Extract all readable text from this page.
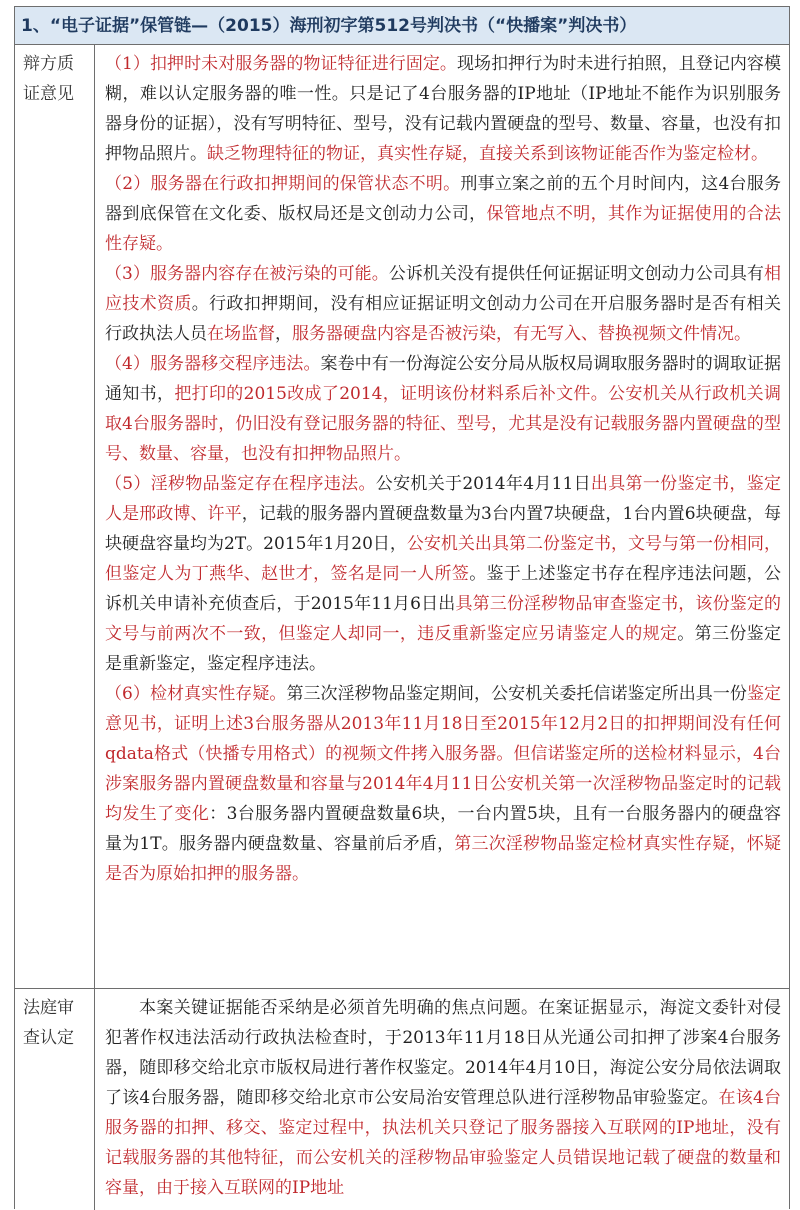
1、“电子证据”保管链—（2015）海刑初字第512号判决书（“快播案”判决书）
辩方质证意见

（1）扣押时未对服务器的物证特征进行固定。现场扣押行为时未进行拍照，且登记内容模糊，难以认定服务器的唯一性。只是记了4台服务器的IP地址（IP地址不能作为识别服务器身份的证据），没有写明特征、型号，没有记载内置硬盘的型号、数量、容量，也没有扣押物品照片。缺乏物理特征的物证，真实性存疑，直接关系到该物证能否作为鉴定检材。

（2）服务器在行政扣押期间的保管状态不明。刑事立案之前的五个月时间内，这4台服务器到底保管在文化委、版权局还是文创动力公司，保管地点不明，其作为证据使用的合法性存疑。

（3）服务器内容存在被污染的可能。公诉机关没有提供任何证据证明文创动力公司具有相应技术资质。行政扣押期间，没有相应证据证明文创动力公司在开启服务器时是否有相关行政执法人员在场监督，服务器硬盘内容是否被污染，有无写入、替换视频文件情况。

（4）服务器移交程序违法。案卷中有一份海淀公安分局从版权局调取服务器时的调取证据通知书，把打印的2015改成了2014，证明该份材料系后补文件。公安机关从行政机关调取4台服务器时，仍旧没有登记服务器的特征、型号，尤其是没有记载服务器内置硬盘的型号、数量、容量，也没有扣押物品照片。

（5）淫秽物品鉴定存在程序违法。公安机关于2014年4月11日出具第一份鉴定书，鉴定人是邢政博、许平，记载的服务器内置硬盘数量为3台内置7块硬盘，1台内置6块硬盘，每块硬盘容量均为2T。2015年1月20日，公安机关出具第二份鉴定书，文号与第一份相同，但鉴定人为丁燕华、赵世才，签名是同一人所签。鉴于上述鉴定书存在程序违法问题，公诉机关申请补充侦查后，于2015年11月6日出具第三份淫秽物品审查鉴定书，该份鉴定的文号与前两次不一致，但鉴定人却同一，违反重新鉴定应另请鉴定人的规定。第三份鉴定是重新鉴定，鉴定程序违法。

（6）检材真实性存疑。第三次淫秽物品鉴定期间，公安机关委托信诺鉴定所出具一份鉴定意见书，证明上述3台服务器从2013年11月18日至2015年12月2日的扣押期间没有任何qdata格式（快播专用格式）的视频文件拷入服务器。但信诺鉴定所的送检材料显示，4台涉案服务器内置硬盘数量和容量与2014年4月11日公安机关第一次淫秽物品鉴定时的记载均发生了变化：3台服务器内置硬盘数量6块，一台内置5块，且有一台服务器内的硬盘容量为1T。服务器内硬盘数量、容量前后矛盾，第三次淫秽物品鉴定检材真实性存疑，怀疑是否为原始扣押的服务器。

法庭审查认定

本案关键证据能否采纳是必须首先明确的焦点问题。在案证据显示，海淀文委针对侵犯著作权违法活动行政执法检查时，于2013年11月18日从光通公司扣押了涉案4台服务器，随即移交给北京市版权局进行著作权鉴定。2014年4月10日，海淀公安分局依法调取了该4台服务器，随即移交给北京市公安局治安管理总队进行淫秽物品审验鉴定。在该4台服务器的扣押、移交、鉴定过程中，执法机关只登记了服务器接入互联网的IP地址，没有记载服务器的其他特征，而公安机关的淫秽物品审验鉴定人员错误地记载了硬盘的数量和容量，由于接入互联网的IP地址
